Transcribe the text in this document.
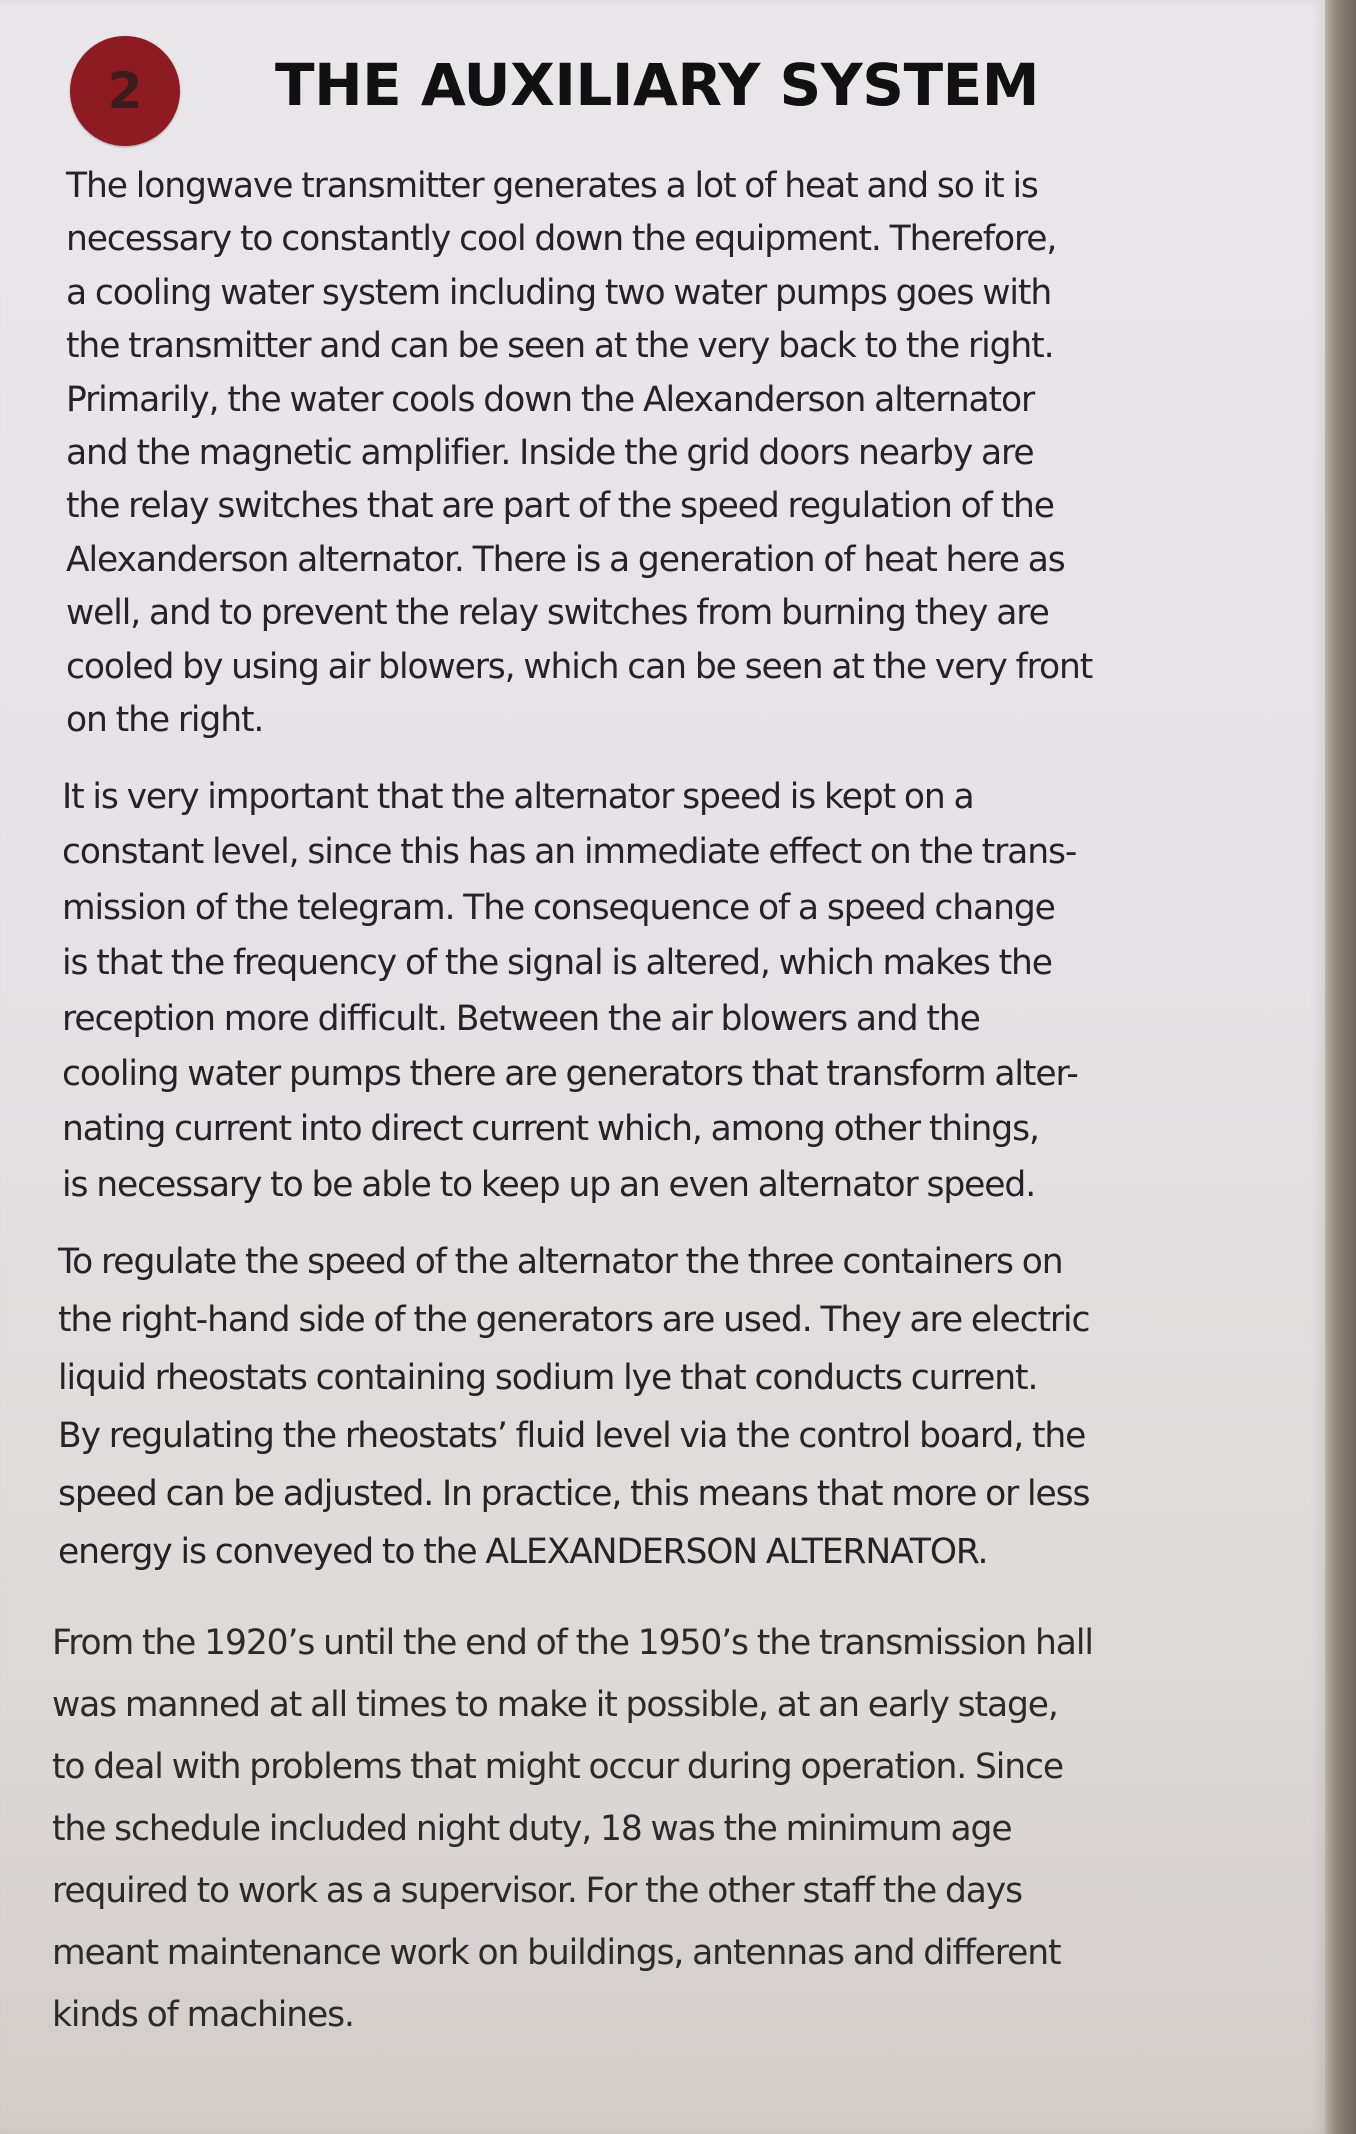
2	THE AUXILIARY SYSTEM
The longwave transmitter generates a lot of heat and so it is
necessary to constantly cool down the equipment. Therefore,
a cooling water system including two water pumps goes with
the transmitter and can be seen at the very back to the right.
Primarily, the water cools down the Alexanderson alternator
and the magnetic amplifier. Inside the grid doors nearby are
the relay switches that are part of the speed regulation of the
Alexanderson alternator. There is a generation of heat here as
well, and to prevent the relay switches from burning they are
cooled by using air blowers, which can be seen at the very front
on the right.
It is very important that the alternator speed is kept on a
constant level, since this has an immediate effect on the trans-
mission of the telegram. The consequence of a speed change
is that the frequency of the signal is altered, which makes the
reception more difficult. Between the air blowers and the
cooling water pumps there are generators that transform alter-
nating current into direct current which, among other things,
is necessary to be able to keep up an even alternator speed.
To regulate the speed of the alternator the three containers on
the right-hand side of the generators are used. They are electric
liquid rheostats containing sodium lye that conducts current.
By regulating the rheostats’ fluid level via the control board, the
speed can be adjusted. In practice, this means that more or less
energy is conveyed to the ALEXANDERSON ALTERNATOR.
From the 1920’s until the end of the 1950’s the transmission hall
was manned at all times to make it possible, at an early stage,
to deal with problems that might occur during operation. Since
the schedule included night duty, 18 was the minimum age
required to work as a supervisor. For the other staff the days
meant maintenance work on buildings, antennas and different
kinds of machines.
